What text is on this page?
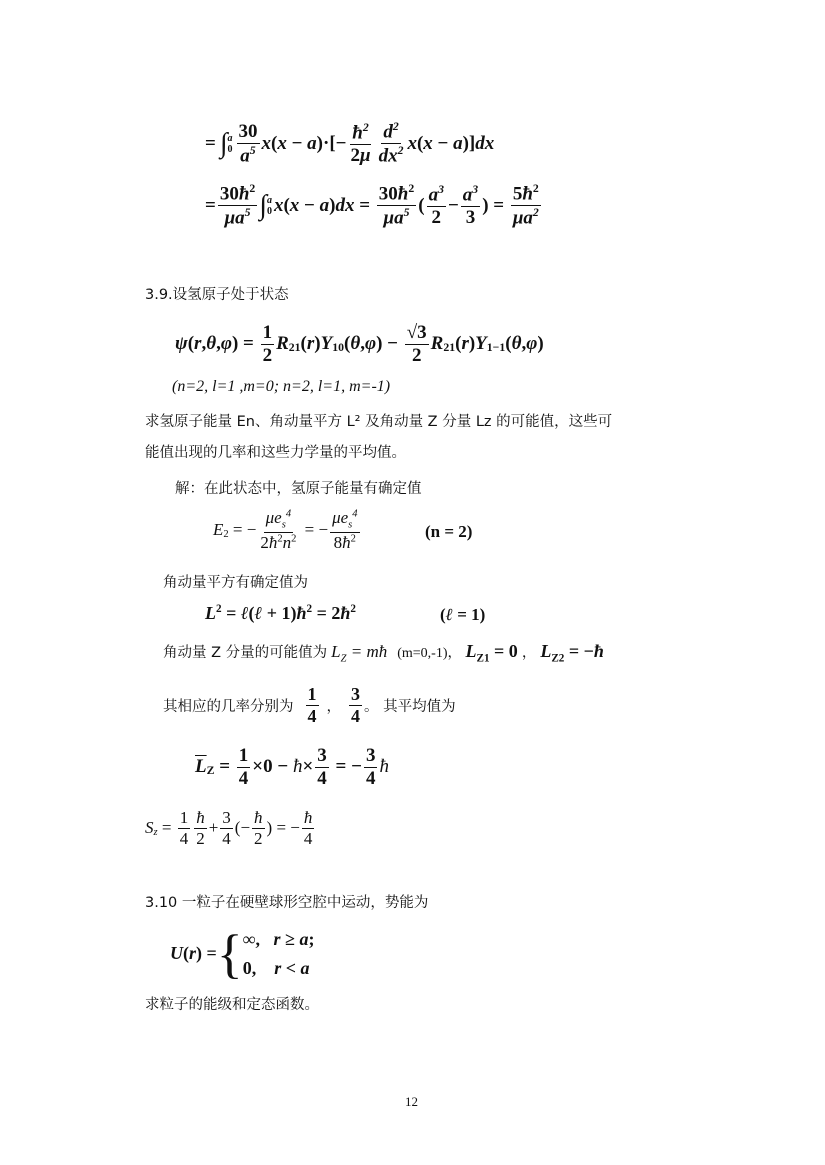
= ∫ a
$0 \frac{30}{a^5}$ x ( x − a )·[− $\frac{ħ^2}{2\mu} \frac{d^2}{dx^2}$ x ( x − a )] dx
= $\frac{30ħ^2}{\mu a^5}$ ∫ a
0 x ( x − a ) dx = $\frac{30ħ^2}{\mu a^5}$ ( $\frac{a^3}{2} - \frac{a^3}{3}$ ) = $\frac{5ħ^2}{\mu a^2}$
3.9.设氢原子处于状态
ψ ( r , θ , φ ) = $\frac{1}{2} R_{21}$ ( r ) $Y_{10}$ ( θ , φ ) − $\frac{√3}{2} R_{21}$ ( r ) $Y_{1-1}$ ( θ , φ )
(n=2, l=1 ,m=0; n=2, l=1, m=-1)
求氢原子能量 En、角动量平方 L² 及角动量 Z 分量 Lz 的可能值，这些可
能值出现的几率和这些力学量的平均值。
解：在此状态中，氢原子能量有确定值
$E_2$ = − $\frac{\mu e_s^4}{2ħ^2n^2}$ = − $\frac{\mu e_s^4}{8ħ^2}$	(n = 2)
角动量平方有确定值为
$L^2$ = ℓ(ℓ + $1)ħ^2$ = $2ħ^2$	(ℓ = 1)
角动量 Z 分量的可能值为 $L_Z$ = mħ (m=0,-1)， $L_{Z1} = 0$ ， $L_{Z2}$ = −ħ
其相应的几率分别为 $\frac{1}{4}$ ， $\frac{3}{4}$ 。 其平均值为
$\overline{L}_Z = \frac{1}{4} \times 0$ − ħ × $\frac{3}{4}$ = − $\frac{3}{4}$ ħ
$S_z = \frac{1}{4} \frac{ħ}{2} + \frac{3}{4}$ (− $\frac{ħ}{2}$ ) = − $\frac{ħ}{4}$
3.10 一粒子在硬壁球形空腔中运动，势能为
U(r) = { ∞,   r ≥ a;
0,    r < a
求粒子的能级和定态函数。
12
